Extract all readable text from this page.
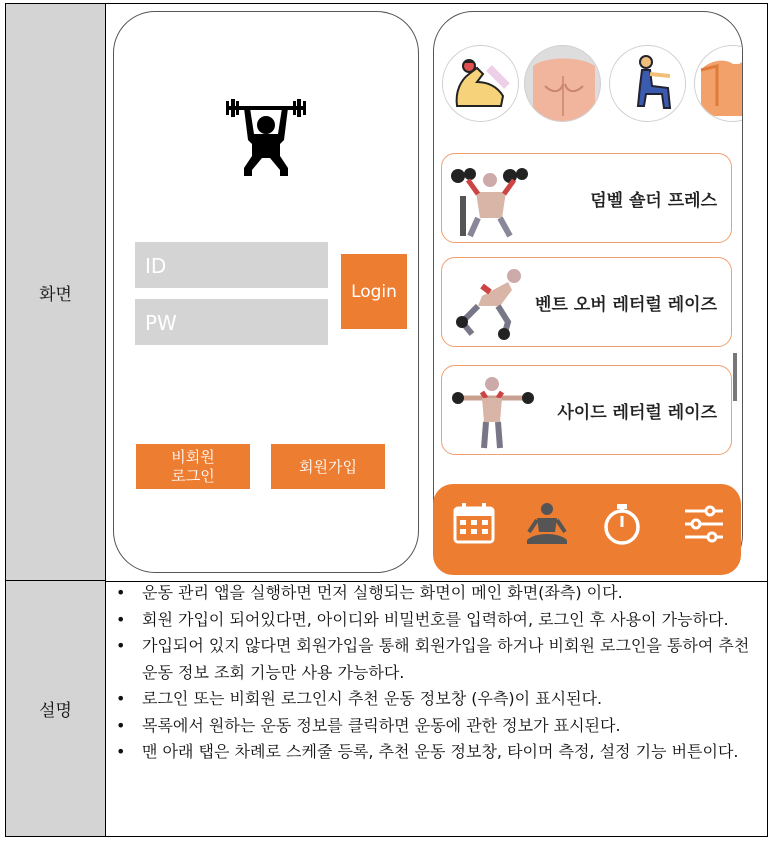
화면
설명
ID
PW
Login
비회원
로그인	회원가입
덤벨 숄더 프레스
벤트 오버 레터럴 레이즈
사이드 레터럴 레이즈
• 운동 관리 앱을 실행하면 먼저 실행되는 화면이 메인 화면(좌측) 이다.
• 회원 가입이 되어있다면, 아이디와 비밀번호를 입력하여, 로그인 후 사용이 가능하다.
• 가입되어 있지 않다면 회원가입을 통해 회원가입을 하거나 비회원 로그인을 통하여 추천 운동 정보 조회 기능만 사용 가능하다.
• 로그인 또는 비회원 로그인시 추천 운동 정보창 (우측)이 표시된다.
• 목록에서 원하는 운동 정보를 클릭하면 운동에 관한 정보가 표시된다.
• 맨 아래 탭은 차례로 스케줄 등록, 추천 운동 정보창, 타이머 측정, 설정 기능 버튼이다.
